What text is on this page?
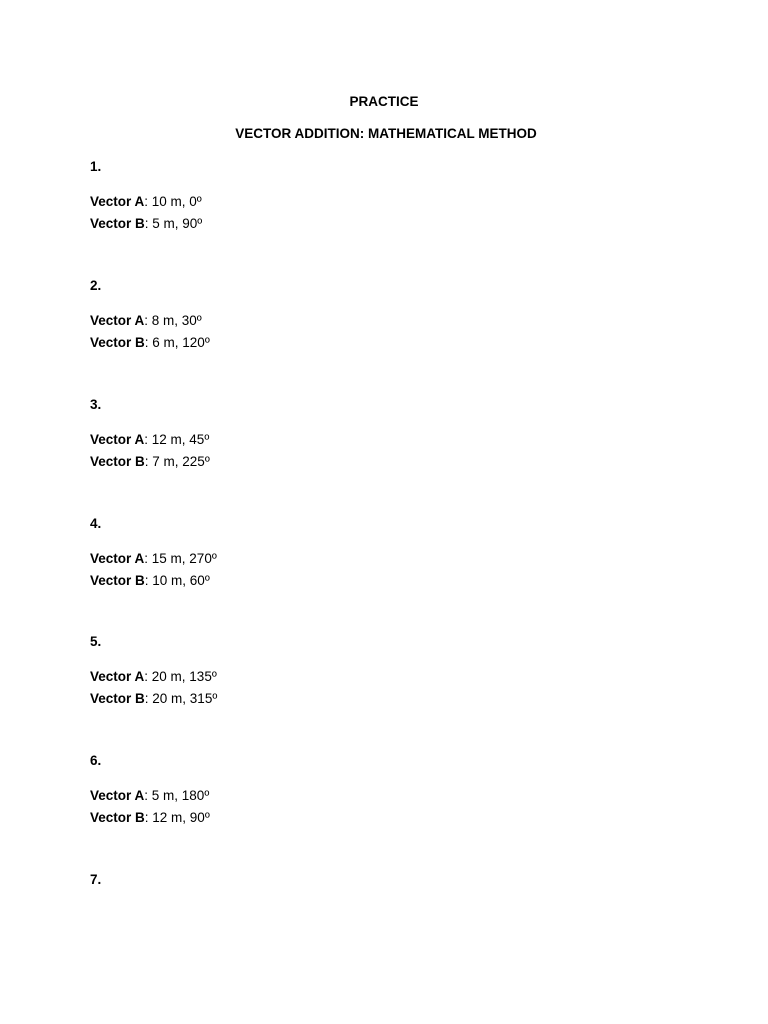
PRACTICE
VECTOR ADDITION: MATHEMATICAL METHOD
1.
Vector A: 10 m, 0º
Vector B: 5 m, 90º
2.
Vector A: 8 m, 30º
Vector B: 6 m, 120º
3.
Vector A: 12 m, 45º
Vector B: 7 m, 225º
4.
Vector A: 15 m, 270º
Vector B: 10 m, 60º
5.
Vector A: 20 m, 135º
Vector B: 20 m, 315º
6.
Vector A: 5 m, 180º
Vector B: 12 m, 90º
7.
